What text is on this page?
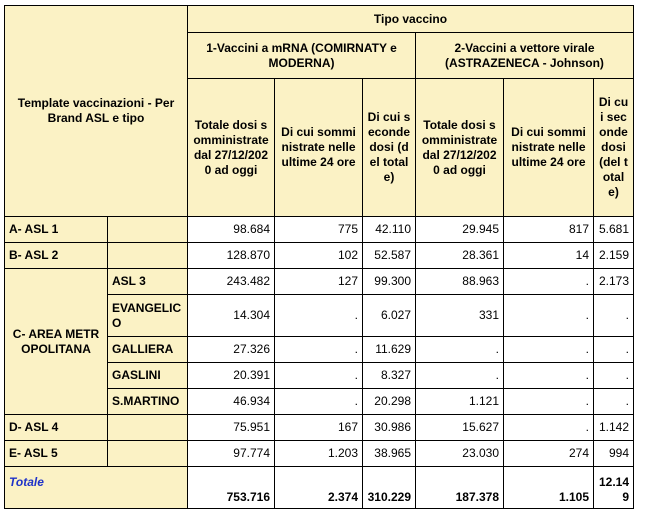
Template vaccinazioni - Per Brand ASL e tipo		Tipo vaccino					
		1-Vaccini a mRNA (COMIRNATY e MODERNA)			2-Vaccini a vettore virale (ASTRAZENECA - Johnson)		
		Totale dosi somministrate dal 27/12/2020 ad oggi	Di cui somministrate nelle ultime 24 ore	Di cui seconde dosi (del totale)	Totale dosi somministrate dal 27/12/2020 ad oggi	Di cui somministrate nelle ultime 24 ore	Di cui seconde dosi (del totale)
A- ASL 1		98.684	775	42.110	29.945	817	5.681
B- ASL 2		128.870	102	52.587	28.361	14	2.159
C- AREA METROPOLITANA	ASL 3	243.482	127	99.300	88.963	.	2.173
	EVANGELICO	14.304	.	6.027	331	.	.
	GALLIERA	27.326	.	11.629	.	.	.
	GASLINI	20.391	.	8.327	.	.	.
	S.MARTINO	46.934	.	20.298	1.121	.	.
D- ASL 4		75.951	167	30.986	15.627	.	1.142
E- ASL 5		97.774	1.203	38.965	23.030	274	994
Totale		753.716	2.374	310.229	187.378	1.105	12.149
